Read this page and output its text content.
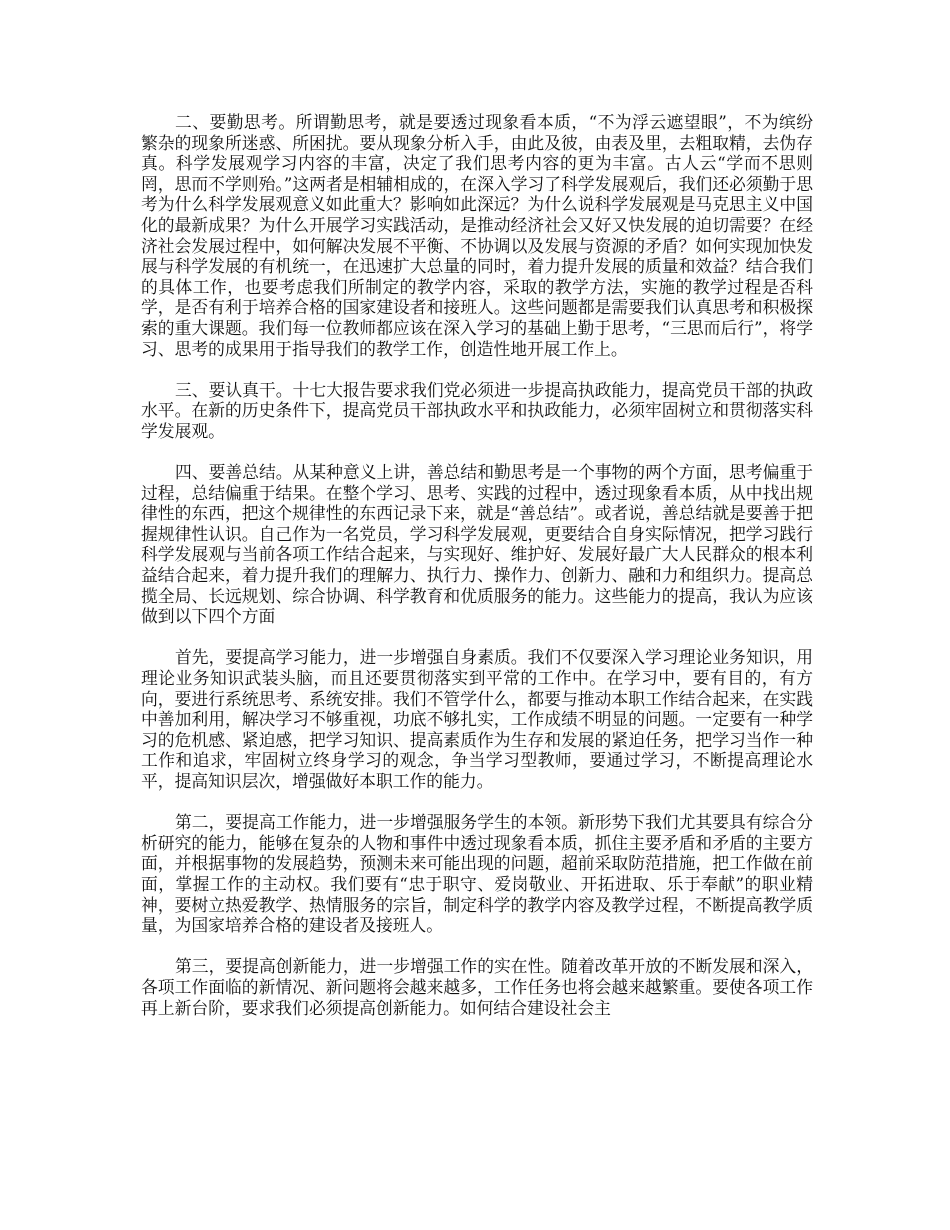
二、要勤思考。所谓勤思考，就是要透过现象看本质，“不为浮云遮望眼”，不为缤纷繁杂的现象所迷惑、所困扰。要从现象分析入手，由此及彼，由表及里，去粗取精，去伪存真。科学发展观学习内容的丰富，决定了我们思考内容的更为丰富。古人云“学而不思则罔，思而不学则殆。”这两者是相辅相成的，在深入学习了科学发展观后，我们还必须勤于思考为什么科学发展观意义如此重大？影响如此深远？为什么说科学发展观是马克思主义中国化的最新成果？为什么开展学习实践活动，是推动经济社会又好又快发展的迫切需要？在经济社会发展过程中，如何解决发展不平衡、不协调以及发展与资源的矛盾？如何实现加快发展与科学发展的有机统一，在迅速扩大总量的同时，着力提升发展的质量和效益？结合我们的具体工作，也要考虑我们所制定的教学内容，采取的教学方法，实施的教学过程是否科学，是否有利于培养合格的国家建设者和接班人。这些问题都是需要我们认真思考和积极探索的重大课题。我们每一位教师都应该在深入学习的基础上勤于思考，“三思而后行”，将学习、思考的成果用于指导我们的教学工作，创造性地开展工作上。

三、要认真干。十七大报告要求我们党必须进一步提高执政能力，提高党员干部的执政水平。在新的历史条件下，提高党员干部执政水平和执政能力，必须牢固树立和贯彻落实科学发展观。

四、要善总结。从某种意义上讲，善总结和勤思考是一个事物的两个方面，思考偏重于过程，总结偏重于结果。在整个学习、思考、实践的过程中，透过现象看本质，从中找出规律性的东西，把这个规律性的东西记录下来，就是“善总结”。或者说，善总结就是要善于把握规律性认识。自己作为一名党员，学习科学发展观，更要结合自身实际情况，把学习践行科学发展观与当前各项工作结合起来，与实现好、维护好、发展好最广大人民群众的根本利益结合起来，着力提升我们的理解力、执行力、操作力、创新力、融和力和组织力。提高总揽全局、长远规划、综合协调、科学教育和优质服务的能力。这些能力的提高，我认为应该做到以下四个方面

首先，要提高学习能力，进一步增强自身素质。我们不仅要深入学习理论业务知识，用理论业务知识武装头脑，而且还要贯彻落实到平常的工作中。在学习中，要有目的，有方向，要进行系统思考、系统安排。我们不管学什么，都要与推动本职工作结合起来，在实践中善加利用，解决学习不够重视，功底不够扎实，工作成绩不明显的问题。一定要有一种学习的危机感、紧迫感，把学习知识、提高素质作为生存和发展的紧迫任务，把学习当作一种工作和追求，牢固树立终身学习的观念，争当学习型教师，要通过学习，不断提高理论水平，提高知识层次，增强做好本职工作的能力。

第二，要提高工作能力，进一步增强服务学生的本领。新形势下我们尤其要具有综合分析研究的能力，能够在复杂的人物和事件中透过现象看本质，抓住主要矛盾和矛盾的主要方面，并根据事物的发展趋势，预测未来可能出现的问题，超前采取防范措施，把工作做在前面，掌握工作的主动权。我们要有“忠于职守、爱岗敬业、开拓进取、乐于奉献”的职业精神，要树立热爱教学、热情服务的宗旨，制定科学的教学内容及教学过程，不断提高教学质量，为国家培养合格的建设者及接班人。

第三，要提高创新能力，进一步增强工作的实在性。随着改革开放的不断发展和深入，各项工作面临的新情况、新问题将会越来越多，工作任务也将会越来越繁重。要使各项工作再上新台阶，要求我们必须提高创新能力。如何结合建设社会主
